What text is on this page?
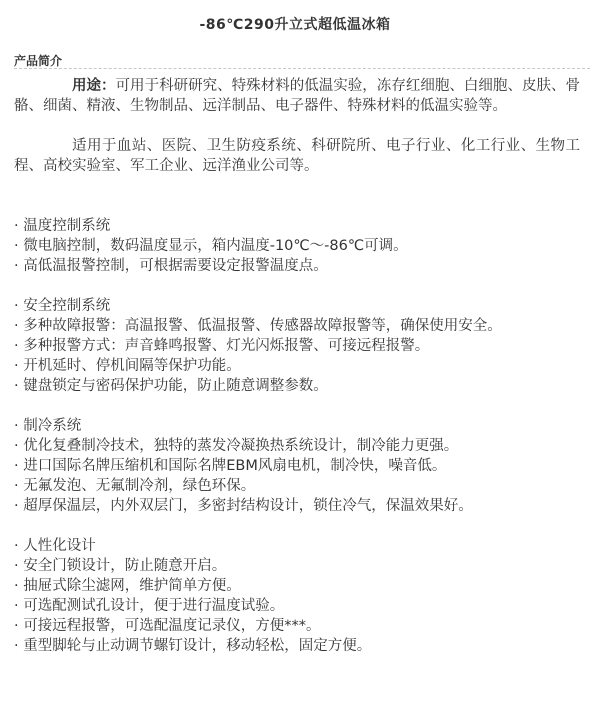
-86℃290升立式超低温冰箱
产品简介

用途：可用于科研研究、特殊材料的低温实验，冻存红细胞、白细胞、皮肤、骨骼、细菌、精液、生物制品、远洋制品、电子器件、特殊材料的低温实验等。

适用于血站、医院、卫生防疫系统、科研院所、电子行业、化工行业、生物工程、高校实验室、军工企业、远洋渔业公司等。

· 温度控制系统

· 微电脑控制，数码温度显示，箱内温度-10℃～-86℃可调。

· 高低温报警控制，可根据需要设定报警温度点。

· 安全控制系统

· 多种故障报警：高温报警、低温报警、传感器故障报警等，确保使用安全。

· 多种报警方式：声音蜂鸣报警、灯光闪烁报警、可接远程报警。

· 开机延时、停机间隔等保护功能。

· 键盘锁定与密码保护功能，防止随意调整参数。

· 制冷系统

· 优化复叠制冷技术，独特的蒸发冷凝换热系统设计，制冷能力更强。

· 进口国际名牌压缩机和国际名牌EBM风扇电机，制冷快，噪音低。

· 无氟发泡、无氟制冷剂，绿色环保。

· 超厚保温层，内外双层门，多密封结构设计，锁住冷气，保温效果好。

· 人性化设计

· 安全门锁设计，防止随意开启。

· 抽屉式除尘滤网，维护简单方便。

· 可选配测试孔设计，便于进行温度试验。

· 可接远程报警，可选配温度记录仪，方便***。

· 重型脚轮与止动调节螺钉设计，移动轻松，固定方便。
